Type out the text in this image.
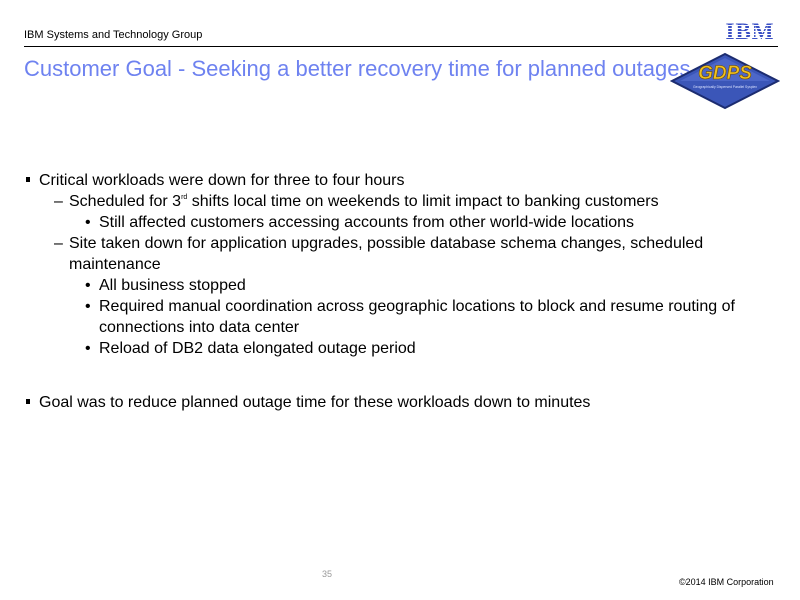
IBM Systems and Technology Group	IBM
Customer Goal - Seeking a better recovery time for planned outages GDPS
Geographically Dispersed Parallel Sysplex
Critical workloads were down for three to four hours
– Scheduled for 3rd shifts local time on weekends to limit impact to banking customers
• Still affected customers accessing accounts from other world-wide locations
– Site taken down for application upgrades, possible database schema changes, scheduled maintenance
• All business stopped
• Required manual coordination across geographic locations to block and resume routing of connections into data center
• Reload of DB2 data elongated outage period
Goal was to reduce planned outage time for these workloads down to minutes
35
©2014 IBM Corporation
